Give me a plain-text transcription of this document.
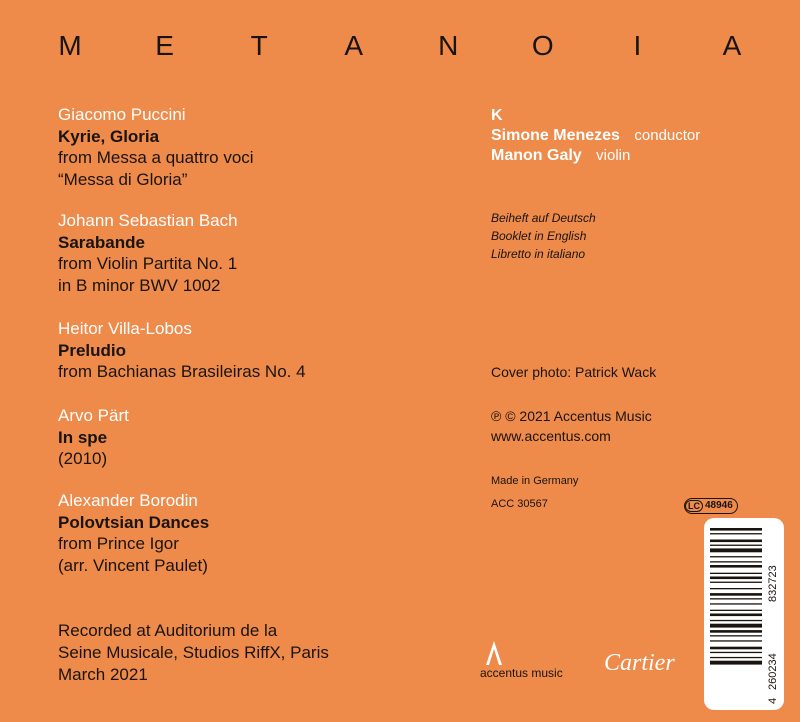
M	E	T	A	N	O	I	A
Giacomo Puccini
Kyrie, Gloria
from Messa a quattro voci
“Messa di Gloria”
Johann Sebastian Bach
Sarabande
from Violin Partita No. 1
in B minor BWV 1002
Heitor Villa-Lobos
Preludio
from Bachianas Brasileiras No. 4
Arvo Pärt
In spe
(2010)
Alexander Borodin
Polovtsian Dances
from Prince Igor
(arr. Vincent Paulet)
K
Simone Menezes conductor
Manon Galy violin
Beiheft auf Deutsch
Booklet in English
Libretto in italiano
Cover photo: Patrick Wack
℗ © 2021 Accentus Music
www.accentus.com
Made in Germany
ACC 30567	LC 48946
Recorded at Auditorium de la
Seine Musicale, Studios RiffX, Paris
March 2021	accentus music Cartier
4
260234
832723
